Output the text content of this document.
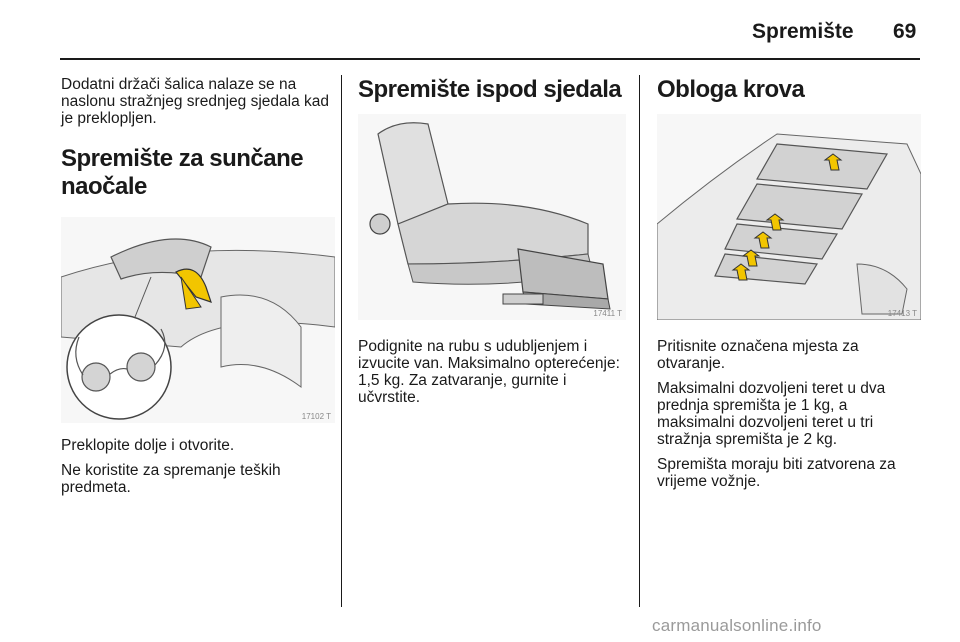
Spremište 69

Dodatni držači šalica nalaze se na naslonu stražnjeg srednjeg sjedala kad je preklopljen.

Spremište za sunčane naočale
17102 T

Preklopite dolje i otvorite.

Ne koristite za spremanje teških predmeta.

Spremište ispod sjedala
17411 T

Podignite na rubu s udubljenjem i izvucite van. Maksimalno opterećenje: 1,5 kg. Za zatvaranje, gurnite i učvrstite.

Obloga krova
17413 T

Pritisnite označena mjesta za otvaranje.

Maksimalni dozvoljeni teret u dva prednja spremišta je 1 kg, a maksimalni dozvoljeni teret u tri stražnja spremišta je 2 kg.

Spremišta moraju biti zatvorena za vrijeme vožnje.

carmanualsonline.info
